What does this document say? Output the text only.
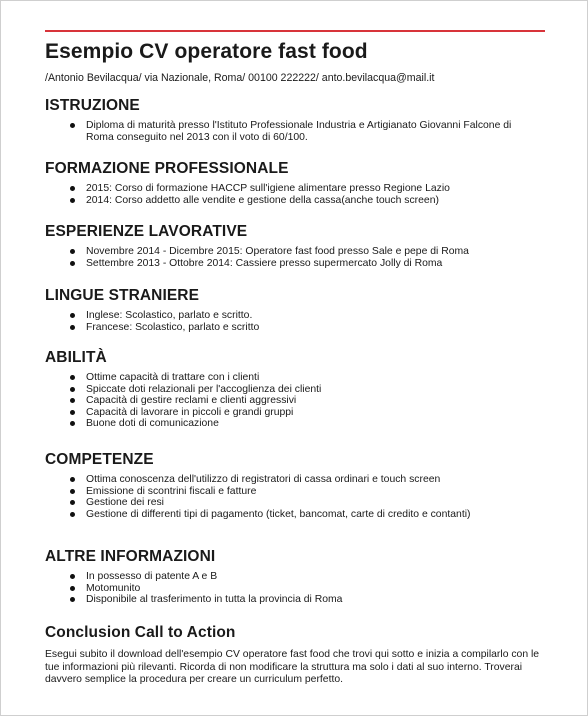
Esempio CV operatore fast food

/Antonio Bevilacqua/ via Nazionale, Roma/ 00100 222222/ anto.bevilacqua@mail.it

ISTRUZIONE
Diploma di maturità presso l'Istituto Professionale Industria e Artigianato Giovanni Falcone di Roma conseguito nel 2013 con il voto di 60/100.
FORMAZIONE PROFESSIONALE
2015: Corso di formazione HACCP sull'igiene alimentare presso Regione Lazio
2014: Corso addetto alle vendite e gestione della cassa(anche touch screen)
ESPERIENZE LAVORATIVE
Novembre 2014 - Dicembre 2015: Operatore fast food presso Sale e pepe di Roma
Settembre 2013 - Ottobre 2014: Cassiere presso supermercato Jolly di Roma
LINGUE STRANIERE
Inglese: Scolastico, parlato e scritto.
Francese: Scolastico, parlato e scritto
ABILITÀ
Ottime capacità di trattare con i clienti
Spiccate doti relazionali per l'accoglienza dei clienti
Capacità di gestire reclami e clienti aggressivi
Capacità di lavorare in piccoli e grandi gruppi
Buone doti di comunicazione
COMPETENZE
Ottima conoscenza dell'utilizzo di registratori di cassa ordinari e touch screen
Emissione di scontrini fiscali e fatture
Gestione dei resi
Gestione di differenti tipi di pagamento (ticket, bancomat, carte di credito e contanti)
ALTRE INFORMAZIONI
In possesso di patente A e B
Motomunito
Disponibile al trasferimento in tutta la provincia di Roma
Conclusion Call to Action

Esegui subito il download dell'esempio CV operatore fast food che trovi qui sotto e inizia a compilarlo con le tue informazioni più rilevanti. Ricorda di non modificare la struttura ma solo i dati al suo interno. Troverai davvero semplice la procedura per creare un curriculum perfetto.
